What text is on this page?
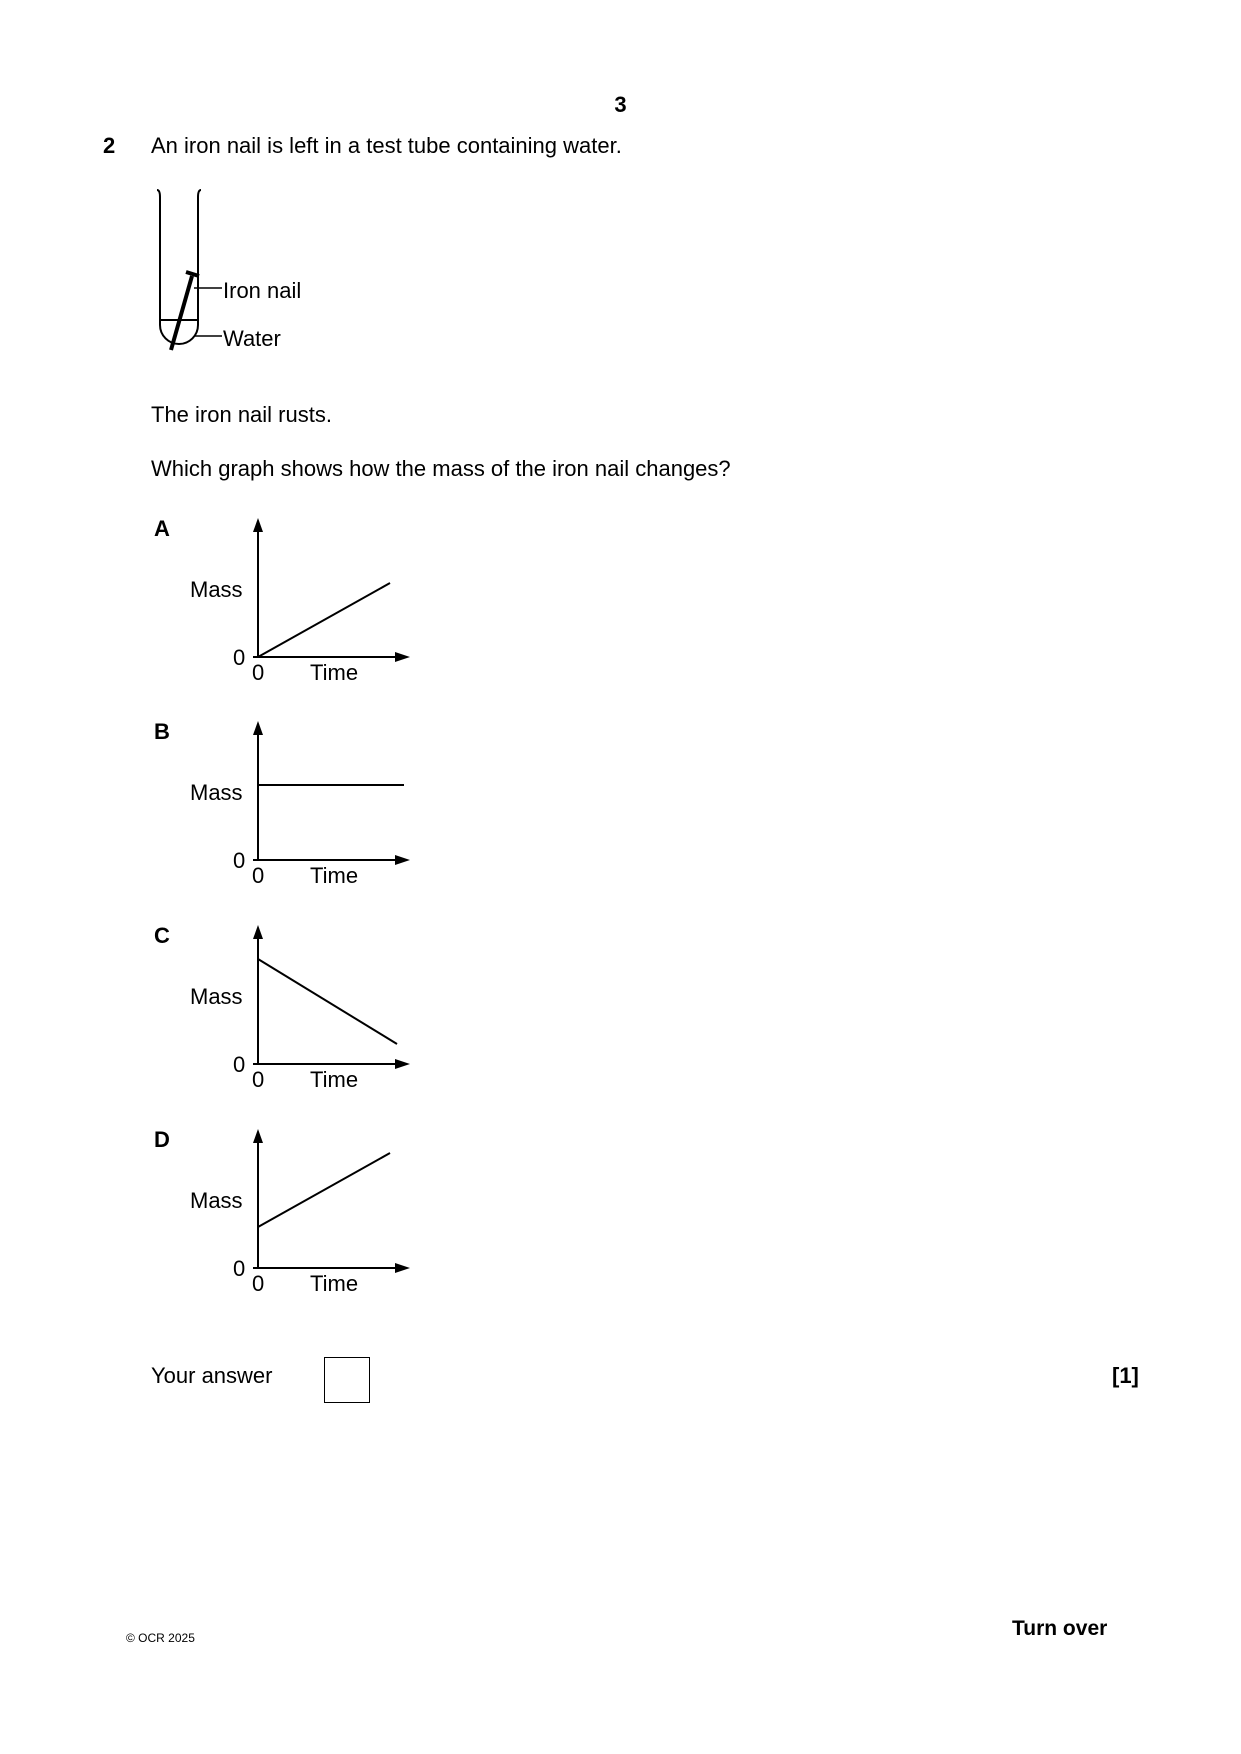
3
2 An iron nail is left in a test tube containing water.
Iron nail
Water
The iron nail rusts.
Which graph shows how the mass of the iron nail changes?
A
Mass
0
0 Time
B
Mass
0
0 Time
C
Mass
0
0 Time
D
Mass
0
0 Time
Your answer	[1]
© OCR 2025	Turn over
